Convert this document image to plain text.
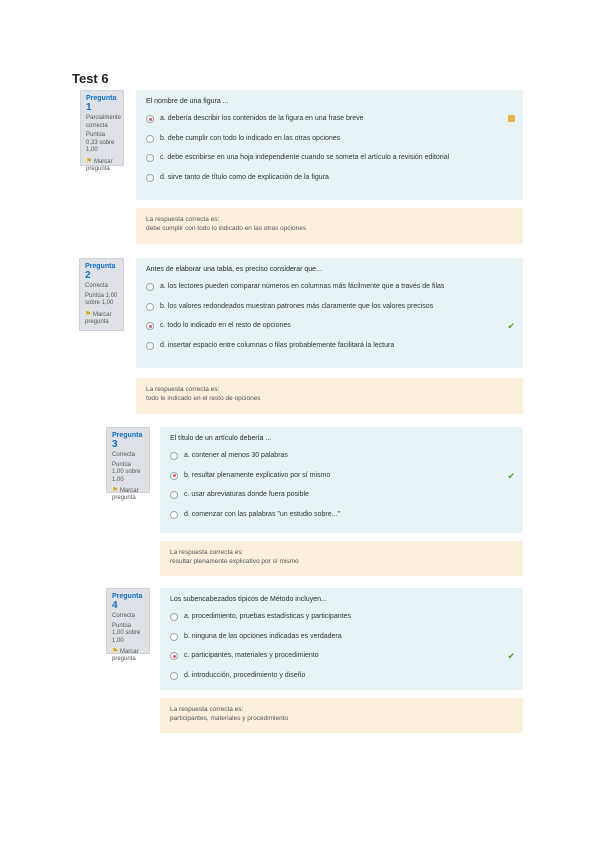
Test 6
Pregunta 1
Parcialmente correcta
Puntúa 0,33 sobre 1,00
⚑ Marcar pregunta
El nombre de una figura ...
a. debería describir los contenidos de la figura en una frase breve
b. debe cumplir con todo lo indicado en las otras opciones
c. debe escribirse en una hoja independiente cuando se someta el artículo a revisión editorial
d. sirve tanto de título como de explicación de la figura
La respuesta correcta es:
debe cumplir con todo lo indicado en las otras opciones
Pregunta 2
Correcta
Puntúa 1,00 sobre 1,00
⚑ Marcar pregunta
Antes de elaborar una tabla, es preciso considerar que...
a. los lectores pueden comparar números en columnas más fácilmente que a través de filas
b. los valores redondeados muestran patrones más claramente que los valores precisos
c. todo lo indicado en el resto de opciones	✔
d. insertar espacio entre columnas o filas probablemente facilitará la lectura
La respuesta correcta es:
todo lo indicado en el resto de opciones
Pregunta 3
Correcta
Puntúa 1,00 sobre 1,00
⚑ Marcar pregunta
El título de un artículo debería ...
a. contener al menos 30 palabras
b. resultar plenamente explicativo por sí mismo	✔
c. usar abreviaturas donde fuera posible
d. comenzar con las palabras "un estudio sobre..."
La respuesta correcta es:
resultar plenamente explicativo por sí mismo
Pregunta 4
Correcta
Puntúa 1,00 sobre 1,00
⚑ Marcar pregunta
Los subencabezados típicos de Método incluyen...
a. procedimiento, pruebas estadísticas y participantes
b. ninguna de las opciones indicadas es verdadera
c. participantes, materiales y procedimiento	✔
d. introducción, procedimiento y diseño
La respuesta correcta es:
participantes, materiales y procedimiento
